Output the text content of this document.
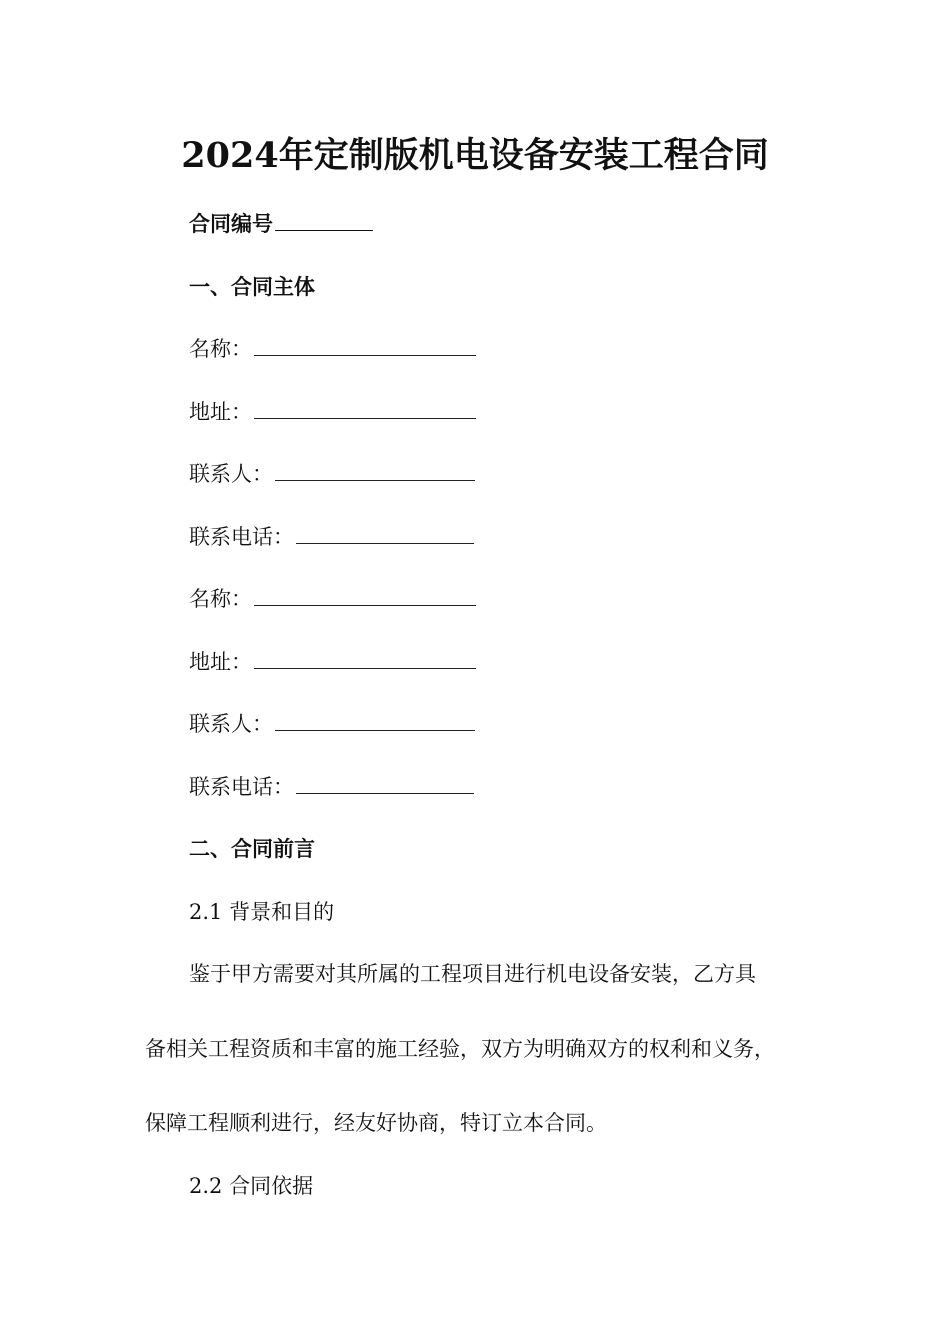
2024年定制版机电设备安装工程合同
合同编号
一、合同主体
名称：
地址：
联系人：
联系电话：
名称：
地址：
联系人：
联系电话：
二、合同前言
2.1 背景和目的
鉴于甲方需要对其所属的工程项目进行机电设备安装，乙方具
备相关工程资质和丰富的施工经验，双方为明确双方的权利和义务，
保障工程顺利进行，经友好协商，特订立本合同。
2.2 合同依据
